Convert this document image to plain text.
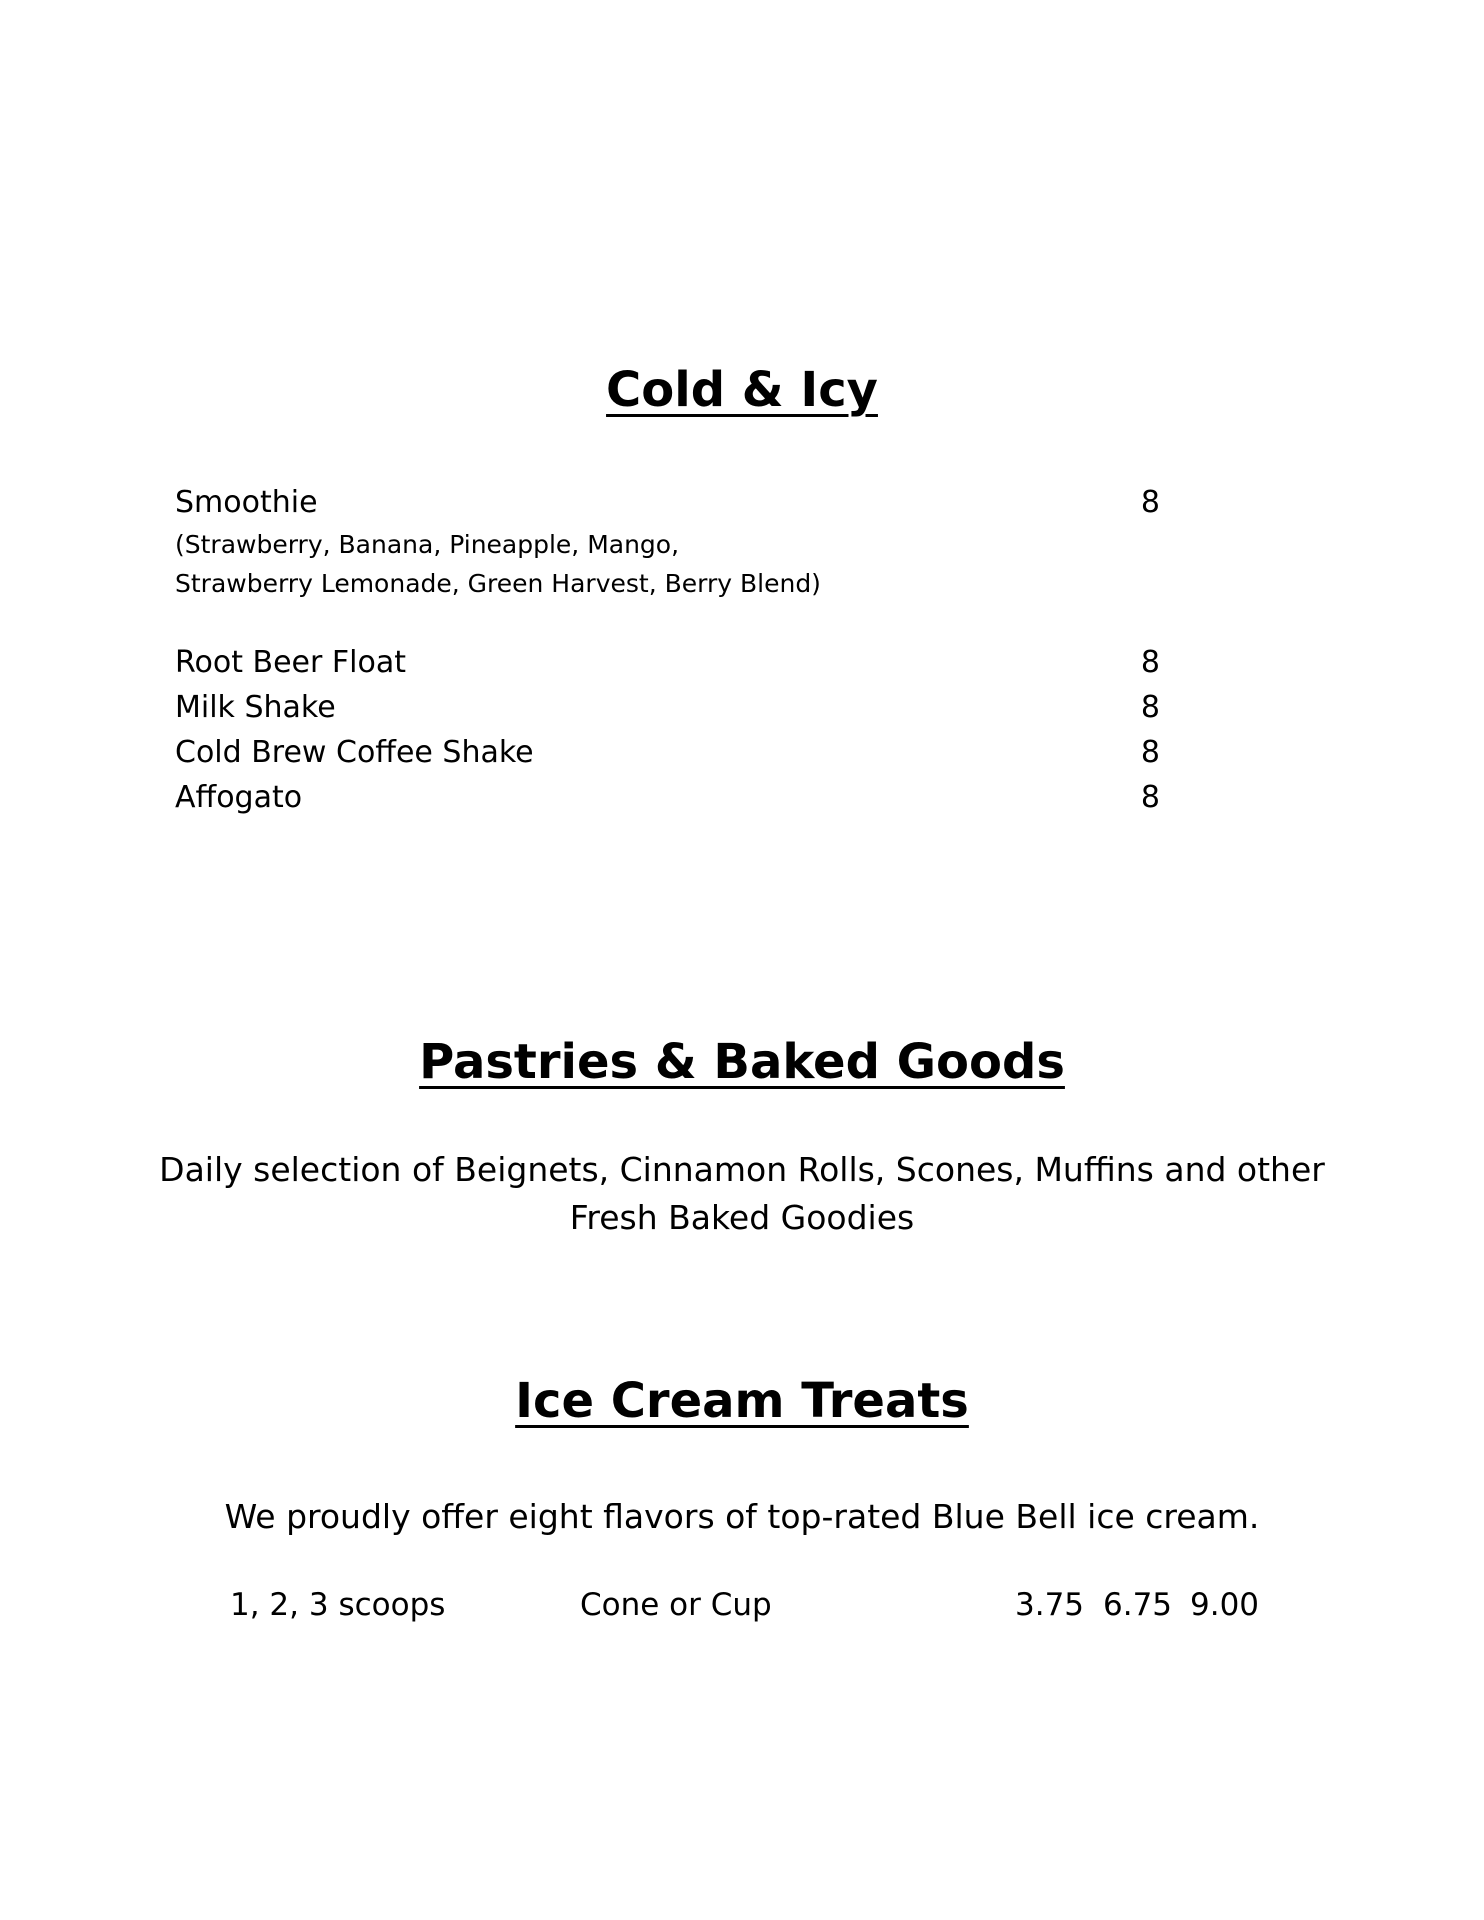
Cold & Icy
Smoothie	8
(Strawberry, Banana, Pineapple, Mango,
Strawberry Lemonade, Green Harvest, Berry Blend)
Root Beer Float	8
Milk Shake	8
Cold Brew Coffee Shake	8
Affogato	8
Pastries & Baked Goods

Daily selection of Beignets, Cinnamon Rolls, Scones, Muffins and other

Fresh Baked Goodies

Ice Cream Treats

We proudly offer eight flavors of top-rated Blue Bell ice cream.

1, 2, 3 scoops	Cone or Cup	3.75 6.75 9.00
